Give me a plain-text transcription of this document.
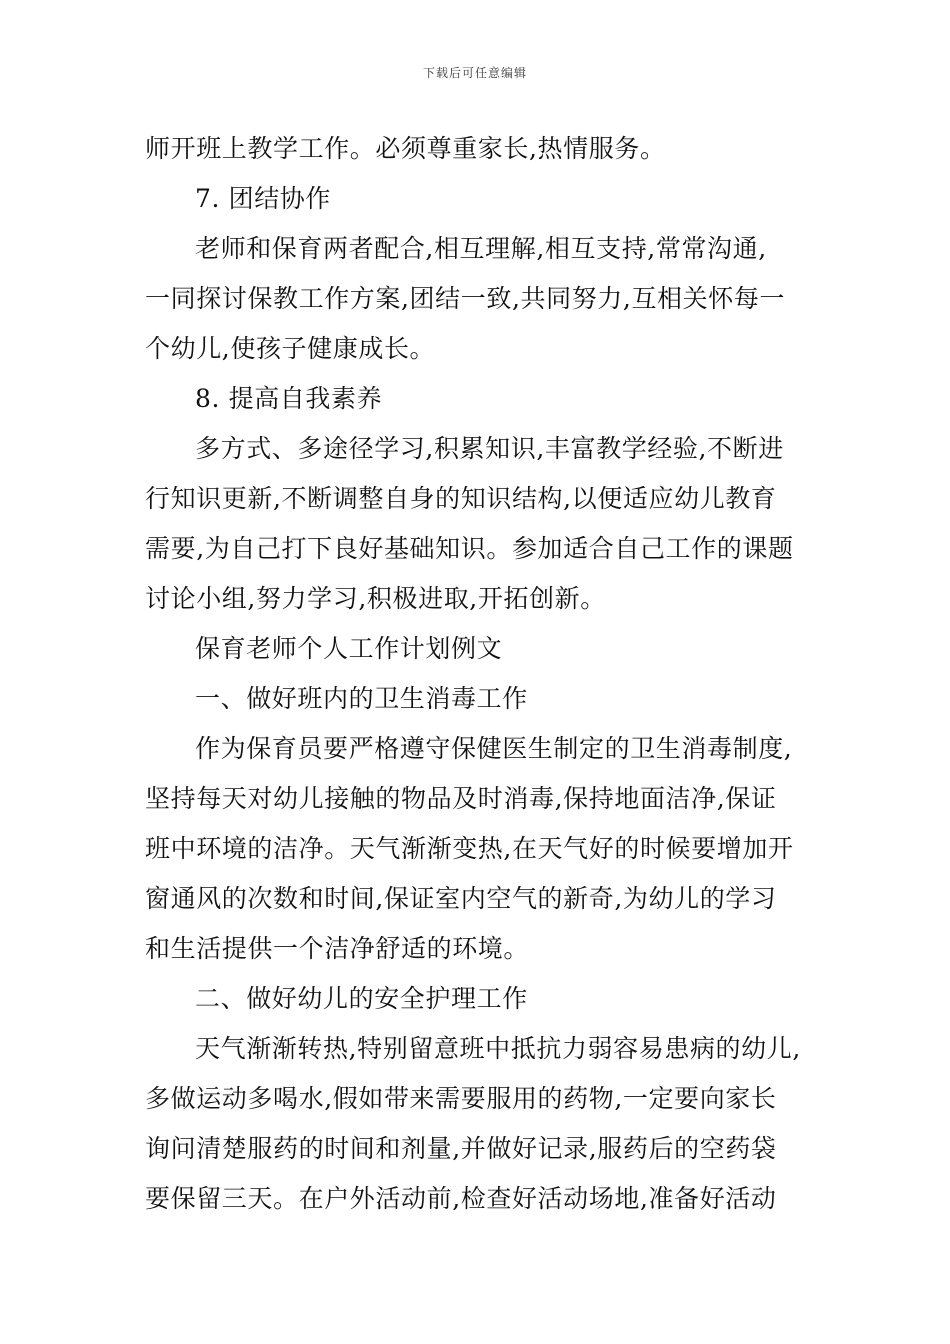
下载后可任意编辑
师开班上教学工作。必须尊重家长,热情服务。
7. 团结协作
老师和保育两者配合,相互理解,相互支持,常常沟通,
一同探讨保教工作方案,团结一致,共同努力,互相关怀每一
个幼儿,使孩子健康成长。
8. 提高自我素养
多方式、多途径学习,积累知识,丰富教学经验,不断进
行知识更新,不断调整自身的知识结构,以便适应幼儿教育
需要,为自己打下良好基础知识。参加适合自己工作的课题
讨论小组,努力学习,积极进取,开拓创新。
保育老师个人工作计划例文
一、做好班内的卫生消毒工作
作为保育员要严格遵守保健医生制定的卫生消毒制度,
坚持每天对幼儿接触的物品及时消毒,保持地面洁净,保证
班中环境的洁净。天气渐渐变热,在天气好的时候要增加开
窗通风的次数和时间,保证室内空气的新奇,为幼儿的学习
和生活提供一个洁净舒适的环境。
二、做好幼儿的安全护理工作
天气渐渐转热,特别留意班中抵抗力弱容易患病的幼儿,
多做运动多喝水,假如带来需要服用的药物,一定要向家长
询问清楚服药的时间和剂量,并做好记录,服药后的空药袋
要保留三天。在户外活动前,检查好活动场地,准备好活动
